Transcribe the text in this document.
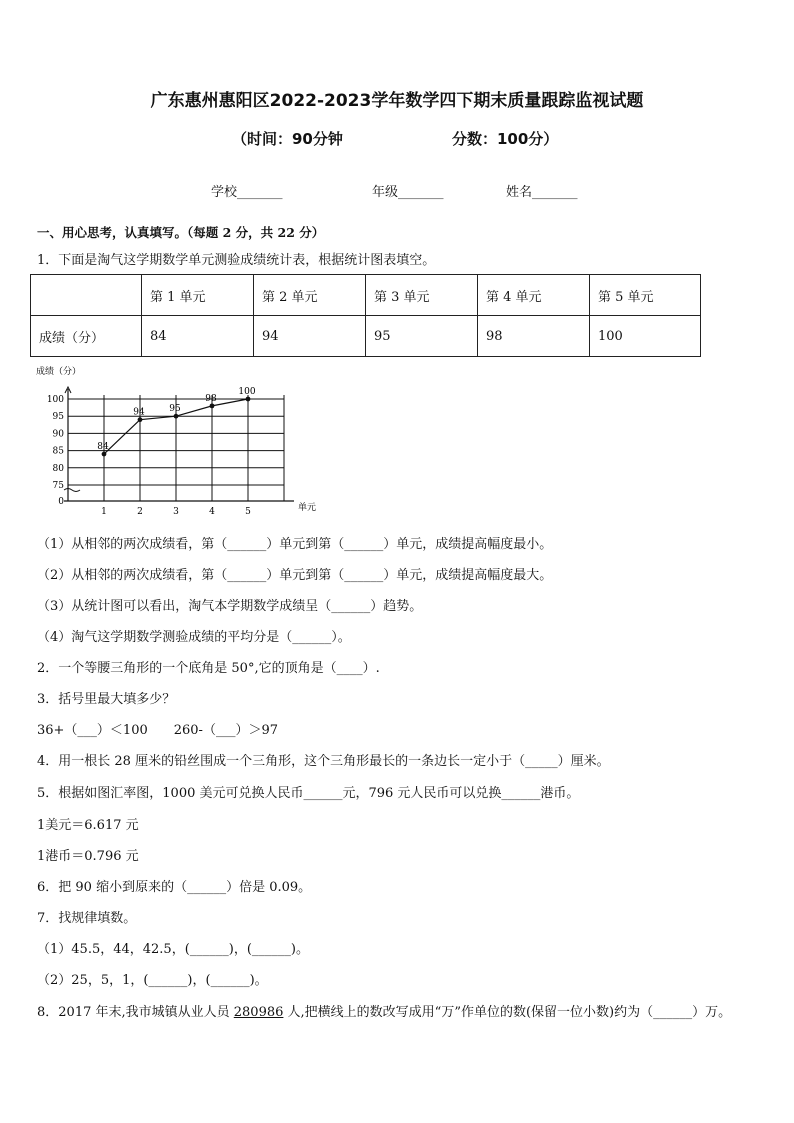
广东惠州惠阳区2022-2023学年数学四下期末质量跟踪监视试题
（时间：90分钟	分数：100分）
学校_______	年级_______	姓名_______
一、用心思考，认真填写。（每题 2 分，共 22 分）
1．下面是淘气这学期数学单元测验成绩统计表，根据统计图表填空。
	第 1 单元	第 2 单元	第 3 单元	第 4 单元	第 5 单元
成绩（分）	84	94	95	98	100
成绩（分）
单元
100
95
90
85
80
75
0
1	2	3	4	5
84
94	95
98
100
（1）从相邻的两次成绩看，第（______）单元到第（______）单元，成绩提高幅度最小。
（2）从相邻的两次成绩看，第（______）单元到第（______）单元，成绩提高幅度最大。
（3）从统计图可以看出，淘气本学期数学成绩呈（______）趋势。
（4）淘气这学期数学测验成绩的平均分是（______）。
2．一个等腰三角形的一个底角是 50°,它的顶角是（____）.
3．括号里最大填多少？
36+（___）＜100　　260-（___）＞97
4．用一根长 28 厘米的铅丝围成一个三角形，这个三角形最长的一条边长一定小于（_____）厘米。
5．根据如图汇率图，1000 美元可兑换人民币______元，796 元人民币可以兑换______港币。
1美元＝6.617 元
1港币＝0.796 元
6．把 90 缩小到原来的（______）倍是 0.09。
7．找规律填数。
（1）45.5，44，42.5，(______)，(______)。
（2）25，5，1，(______)，(______)。
8．2017 年末,我市城镇从业人员 280986 人,把横线上的数改写成用“万”作单位的数(保留一位小数)约为（______）万。
